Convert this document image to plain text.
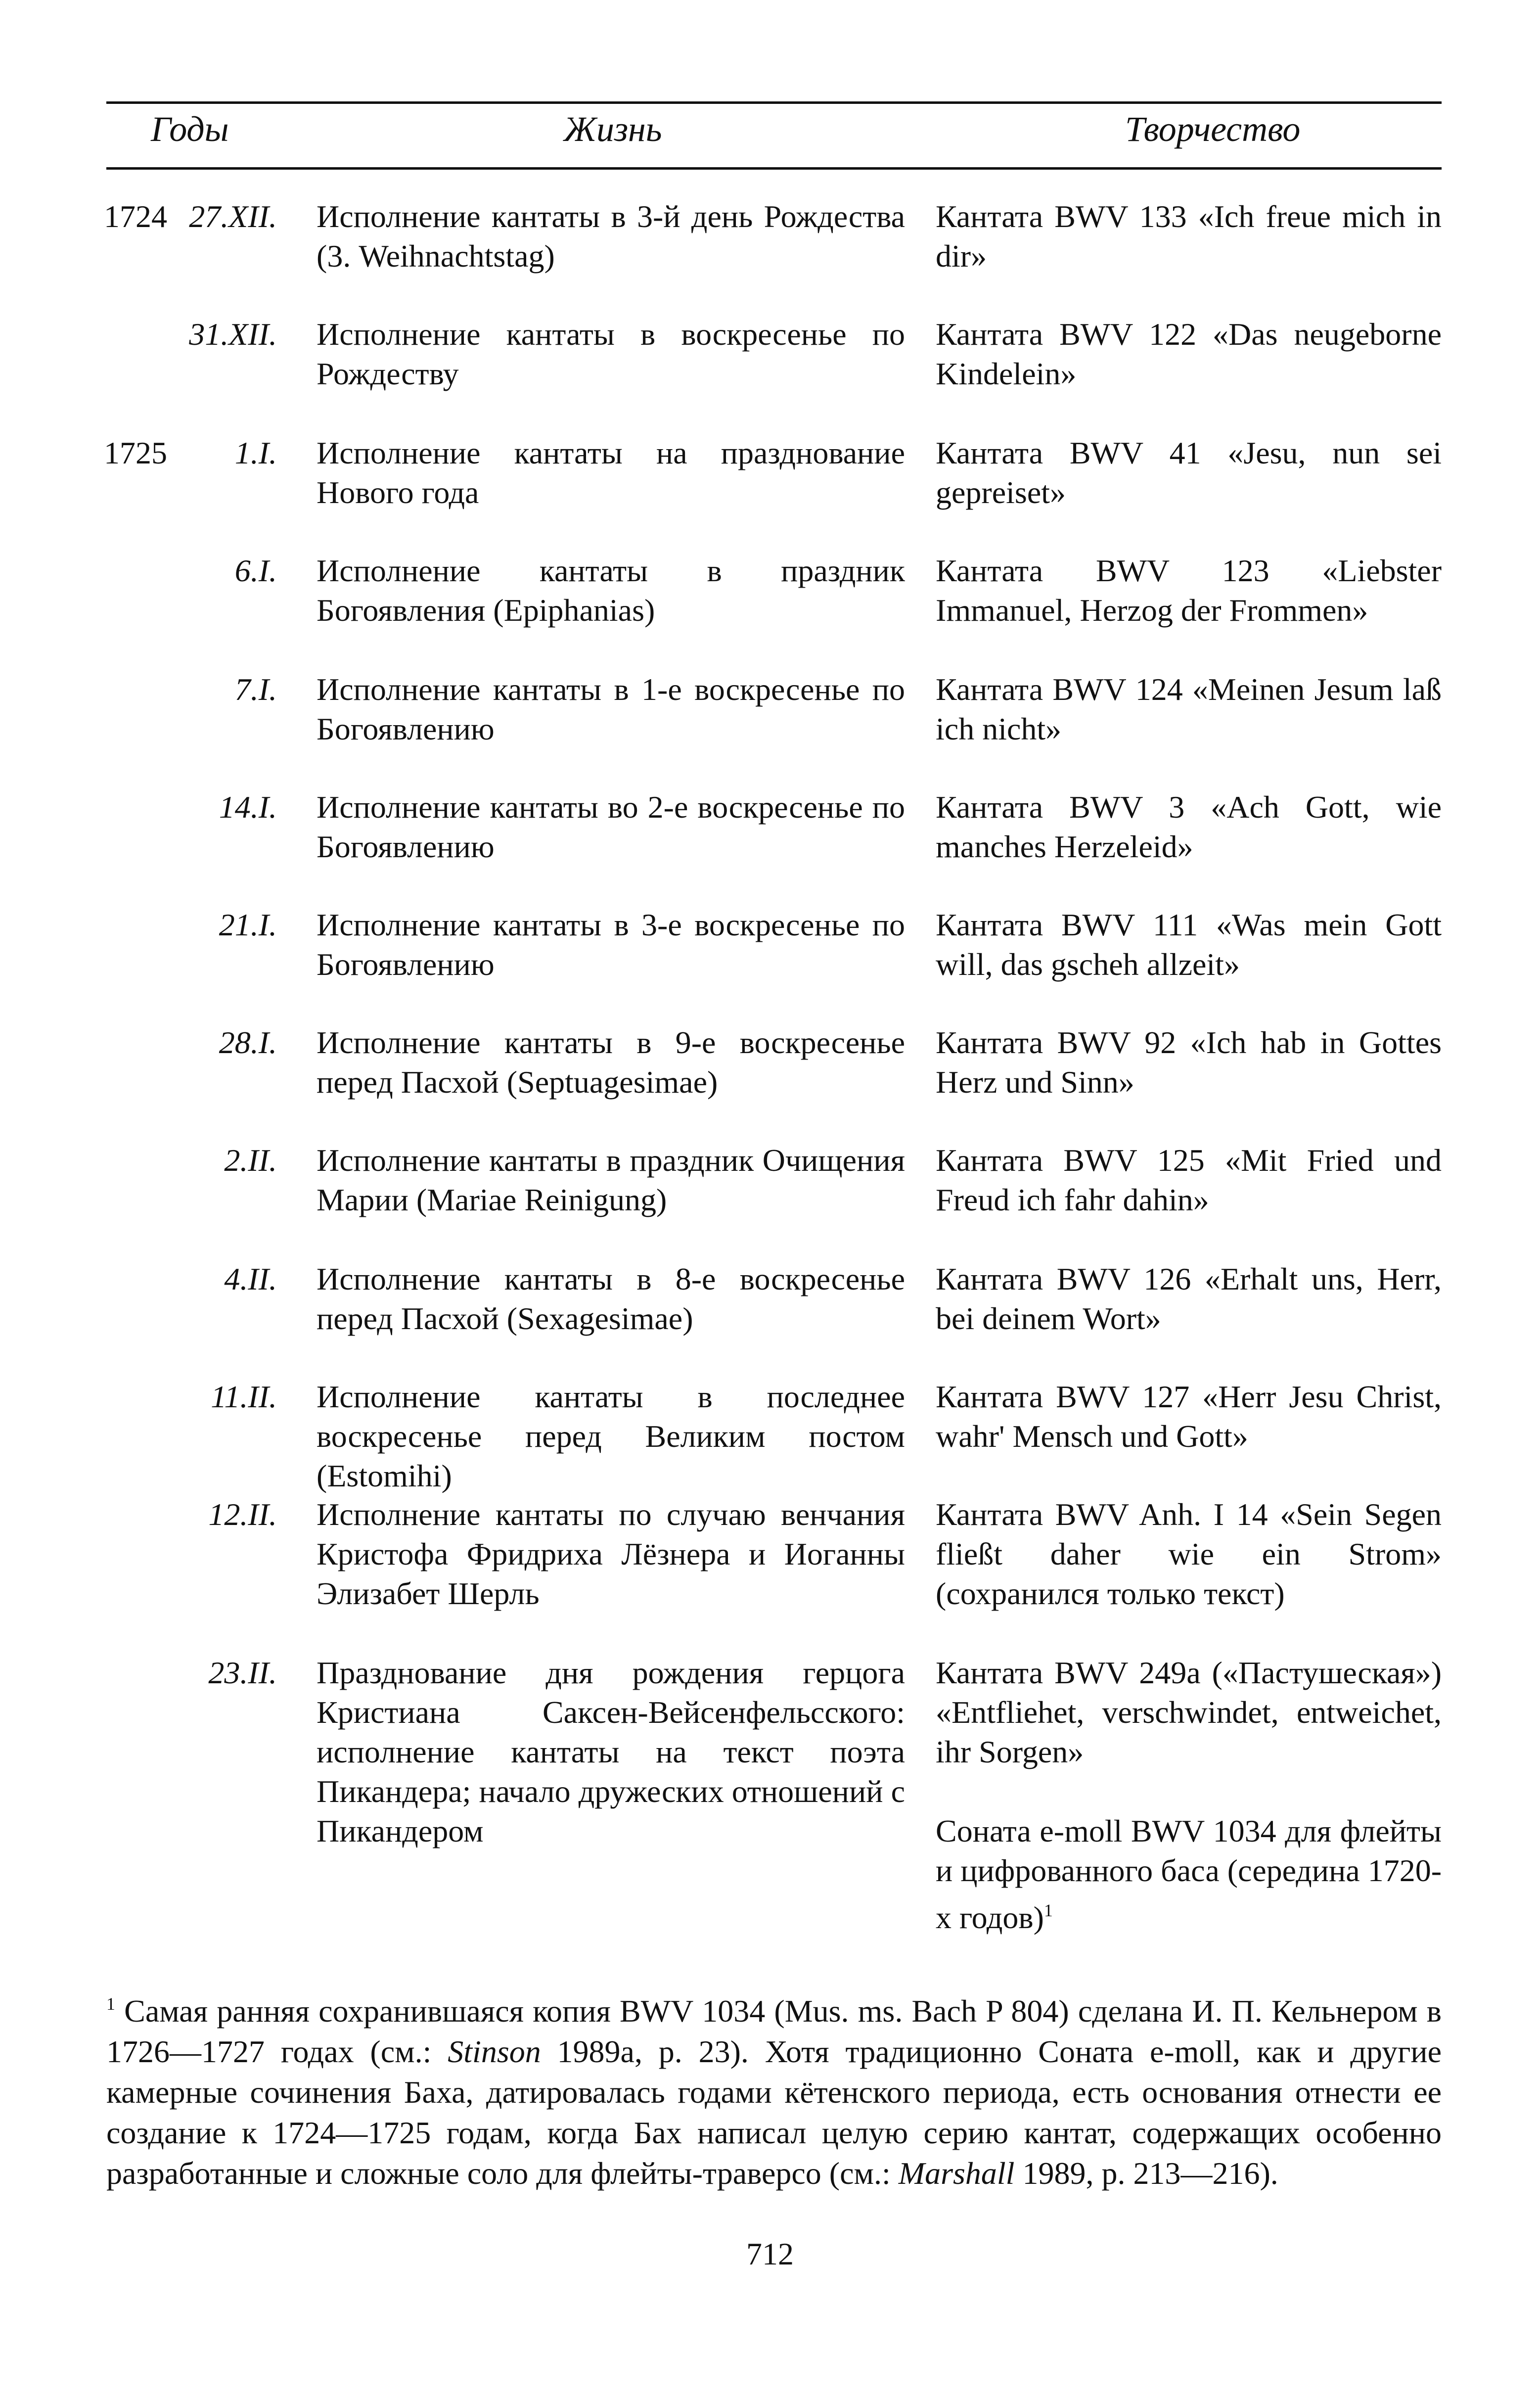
Годы	Жизнь	Творчество
1724 27.XII. Исполнение кантаты в 3-й день Рождества (3. Weihnachtstag)
Кантата BWV 133 «Ich freue mich in dir»
31.XII. Исполнение кантаты в воскресенье по Рождеству
Кантата BWV 122 «Das neugeborne Kindelein»
1725 1.I. Исполнение кантаты на празднование Нового года
Кантата BWV 41 «Jesu, nun sei gepreiset»
6.I. Исполнение кантаты в праздник Богоявления (Epiphanias)
Кантата BWV 123 «Liebster Immanuel, Herzog der Frommen»
7.I. Исполнение кантаты в 1-е воскресенье по Богоявлению
Кантата BWV 124 «Meinen Jesum laß ich nicht»
14.I. Исполнение кантаты во 2-е воскресенье по Богоявлению
Кантата BWV 3 «Ach Gott, wie manches Herzeleid»
21.I. Исполнение кантаты в 3-е воскресенье по Богоявлению
Кантата BWV 111 «Was mein Gott will, das gscheh allzeit»
28.I. Исполнение кантаты в 9-е воскресенье перед Пасхой (Septuagesimae)
Кантата BWV 92 «Ich hab in Gottes Herz und Sinn»
2.II. Исполнение кантаты в праздник Очищения Марии (Mariae Reinigung)
Кантата BWV 125 «Mit Fried und Freud ich fahr dahin»
4.II. Исполнение кантаты в 8-е воскресенье перед Пасхой (Sexagesimae)
Кантата BWV 126 «Erhalt uns, Herr, bei deinem Wort»
11.II. Исполнение кантаты в последнее воскресенье перед Великим постом (Estomihi)
Кантата BWV 127 «Herr Jesu Christ, wahr' Mensch und Gott»
12.II. Исполнение кантаты по случаю венчания Кристофа Фридриха Лёзнера и Иоганны Элизабет Шерль
Кантата BWV Anh. I 14 «Sein Segen fließt daher wie ein Strom» (сохранился только текст)
23.II. Празднование дня рождения герцога Кристиана Саксен-Вейсенфельсского: исполнение кантаты на текст поэта Пикандера; начало дружеских отношений с Пикандером
Кантата BWV 249a («Пастушеская») «Entfliehet, verschwindet, entweichet, ihr Sorgen»
Соната e-moll BWV 1034 для флейты и цифрованного баса (середина 1720-х годов)$^1$
$^1$ Самая ранняя сохранившаяся копия BWV 1034 (Mus. ms. Bach P 804) сделана И. П. Кельнером в 1726—1727 годах (см.: Stinson 1989a, p. 23). Хотя традиционно Соната e-moll, как и другие камерные сочинения Баха, датировалась годами кётенского периода, есть основания отнести ее создание к 1724—1725 годам, когда Бах написал целую серию кантат, содержащих особенно разработанные и сложные соло для флейты-траверсо (см.: Marshall 1989, p. 213—216).
712
